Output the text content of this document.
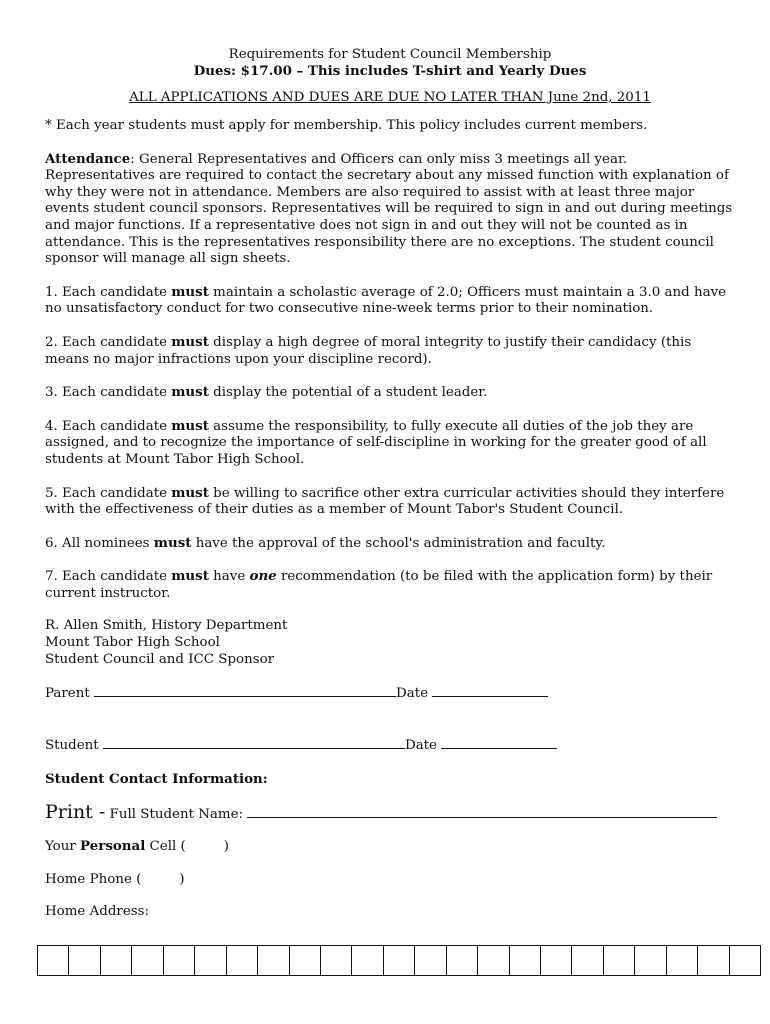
Requirements for Student Council Membership
Dues: $17.00 – This includes T-shirt and Yearly Dues
ALL APPLICATIONS AND DUES ARE DUE NO LATER THAN June 2nd, 2011

* Each year students must apply for membership. This policy includes current members.

Attendance: General Representatives and Officers can only miss 3 meetings all year. Representatives are required to contact the secretary about any missed function with explanation of why they were not in attendance. Members are also required to assist with at least three major events student council sponsors. Representatives will be required to sign in and out during meetings and major functions. If a representative does not sign in and out they will not be counted as in attendance. This is the representatives responsibility there are no exceptions. The student council sponsor will manage all sign sheets.

1. Each candidate must maintain a scholastic average of 2.0; Officers must maintain a 3.0 and have no unsatisfactory conduct for two consecutive nine-week terms prior to their nomination.

2. Each candidate must display a high degree of moral integrity to justify their candidacy (this means no major infractions upon your discipline record).

3. Each candidate must display the potential of a student leader.

4. Each candidate must assume the responsibility, to fully execute all duties of the job they are assigned, and to recognize the importance of self-discipline in working for the greater good of all students at Mount Tabor High School.

5. Each candidate must be willing to sacrifice other extra curricular activities should they interfere with the effectiveness of their duties as a member of Mount Tabor's Student Council.

6. All nominees must have the approval of the school's administration and faculty.

7. Each candidate must have one recommendation (to be filed with the application form) by their current instructor.

R. Allen Smith, History Department
Mount Tabor High School
Student Council and ICC Sponsor
Parent	Date
Student	Date
Student Contact Information:
Print - Full Student Name:
Your Personal Cell (	)
Home Phone (	)
Home Address:
